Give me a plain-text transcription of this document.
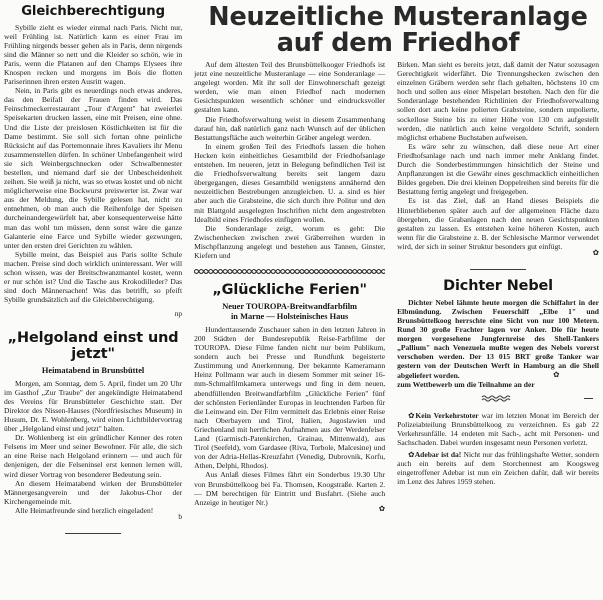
Gleichberechtigung

Sybille zieht es wieder einmal nach Paris. Nicht nur, weil Frühling ist. Natürlich kann es einer Frau im Frühling nirgends besser gehen als in Paris, denn nirgends sind die Männer so nett und die Kleider so schön, wie in Paris, wenn die Platanen auf den Champs Elysees ihre Knospen recken und morgens im Bois die flotten Pariserinnen ihren ersten Ausritt wagen.

Nein, in Paris gibt es neuerdings noch etwas anderes, das den Beifall der Frauen finden wird. Das Feinschmeckerrestaurant „Tour d'Argent" hat zweierlei Speisekarten drucken lassen, eine mit Preisen, eine ohne. Und die Liste der preislosen Köstlichkeiten ist für die Dame bestimmt. Sie soll sich fortan ohne peinliche Rücksicht auf das Portemonnaie ihres Kavaliers ihr Menu zusammenstellen dürfen. In schöner Unbefangenheit wird sie sich Weinbergschnecken oder Schwalbennester bestellen, und niemand darf sie der Unbescheidenheit zeihen. Sie weiß ja nicht, was so etwas kostet und ob nicht möglicherweise eine Bockwurst preiswerter ist. Zwar war aus der Meldung, die Sybille gelesen hat, nicht zu entnehmen, ob man auch die Reihenfolge der Speisen durcheinandergewürfelt hat, aber konsequenterweise hätte man das wohl tun müssen, denn sonst wäre die ganze Galanterie eine Farce und Sybille wieder gezwungen, unter den ersten drei Gerichten zu wählen.

Sybille meint, das Beispiel aus Paris sollte Schule machen. Preise sind doch wirklich uninteressant. Wer will schon wissen, was der Breitschwanzmantel kostet, wenn er nur schön ist? Und die Tasche aus Krokodilleder? Das sind doch Männersachen! Was das betrifft, so pfeift Sybille grundsätzlich auf die Gleichberechtigung.

np
„Helgoland einst und jetzt"
Heimatabend in Brunsbüttel

Morgen, am Sonntag, dem 5. April, findet um 20 Uhr im Gasthof „Zur Traube" der angekündigte Heimatabend des Vereins für Brunsbütteler Geschichte statt. Der Direktor des Nissen-Hauses (Nordfriesisches Museum) in Husum, Dr. E. Wohlenberg, wird einen Lichtbildervortrag über „Helgoland einst und jetzt" halten.

Dr. Wohlenberg ist ein gründlicher Kenner des roten Felsens im Meer und seiner Bewohner. Für alle, die sich an eine Reise nach Helgoland erinnern — und auch für denjenigen, der die Felseninsel erst kennen lernen will, wird dieser Vortrag von besonderer Bedeutung sein.

An diesem Heimatabend wirken der Brunsbütteler Männergesangverein und der Jakobus-Chor der Kirchengemeinde mit.

Alle Heimatfreunde sind herzlich eingeladen!

b

Auf dem ältesten Teil des Brunsbüttelkooger Friedhofs ist jetzt eine neuzeitliche Musteranlage — eine Sonderanlage — angelegt worden. Mit ihr soll der Einwohnerschaft gezeigt werden, wie man einen Friedhof nach modernen Gesichtspunkten wesentlich schöner und eindrucksvoller gestalten kann.

Die Friedhofsverwaltung weist in diesem Zusammenhang darauf hin, daß natürlich ganz nach Wunsch auf der üblichen Bestattungsfläche auch weiterhin Gräber angelegt werden.

In einem großen Teil des Friedhofs lassen die hohen Hecken kein einheitliches Gesamtbild der Friedhofsanlage entstehen. Im neueren, jetzt in Belegung befindlichen Teil ist die Friedhofsverwaltung bereits seit langem dazu übergegangen, dieses Gesamtbild wenigstens annähernd den neuzeitlichen Bestrebungen anzugleichen. U. a. sind es hier aber auch die Grabsteine, die sich durch ihre Politur und den mit Blattgold ausgelegten Inschriften nicht dem angestrebten Idealbild eines Friedhofes einfügen wollen.

Die Sonderanlage zeigt, worum es geht: Die Zwischenhecken zwischen zwei Gräberreihen wurden in Mischpflanzung angelegt und bestehen aus Tannen, Ginster, Kiefern und

„Glückliche Ferien"
Neuer TOUROPA-Breitwandfarbfilm
in Marne — Holsteinisches Haus

Hunderttausende Zuschauer sahen in den letzten Jahren in 200 Städten der Bundesrepublik Reise-Farbfilme der TOUROPA. Diese Filme fanden nicht nur beim Publikum, sondern auch bei Presse und Rundfunk begeisterte Zustimmung und Anerkennung. Der bekannte Kameramann Heinz Pollmann war auch in diesem Sommer mit seiner 16-mm-Schmalfilmkamera unterwegs und fing in dem neuen, abendfüllenden Breitwandfarbfilm „Glückliche Ferien" fünf der schönsten Ferienländer Europas in leuchtenden Farben für die Leinwand ein. Der Film vermittelt das Erlebnis einer Reise nach Oberbayern und Tirol, Italien, Jugoslawien und Griechenland mit herrlichen Aufnahmen aus der Werdenfelser Land (Garmisch-Patenkirchen, Grainau, Mittenwald), aus Tirol (Seefeld), vom Gardasee (Riva, Torbole, Malcesine) und von der Adria-Hellas-Kreuzfahrt (Venedig, Dubrovnik, Korfu, Athen, Delphi, Rhodos).

Aus Anlaß dieses Filmes fährt ein Sonderbus 19.30 Uhr von Brunsbüttelkoog bei Fa. Thomsen, Koogstraße. Karten 2.— DM berechtigen für Eintritt und Busfahrt. (Siehe auch Anzeige in heutiger Nr.)

✿

Birken. Man sieht es bereits jetzt, daß damit der Natur sozusagen Gerechtigkeit widerfährt. Die Trennungshecken zwischen den einzelnen Gräbern werden sehr flach gehalten, höchstens 10 cm hoch und sollen aus einer Mispelart bestehen. Nach den für die Sonderanlage bestehenden Richtlinien der Friedhofsverwaltung sollen dort auch keine polierten Grabsteine, sondern unpolierte, sockellose Steine bis zu einer Höhe von 130 cm aufgestellt werden, die natürlich auch keine vergoldete Schrift, sondern möglichst erhabene Buchstaben aufweisen.

Es wäre sehr zu wünschen, daß diese neue Art einer Friedhofsanlage nach und nach immer mehr Anklang findet. Durch die Sonderbestimmungen hinsichtlich der Steine und Anpflanzungen ist die Gewähr eines geschmacklich einheitlichen Bildes gegeben. Die drei kleinen Doppelreihen sind bereits für die Bestattung fertig angelegt und freigegeben.

Es ist das Ziel, daß an Hand dieses Beispiels die Hinterbliebenen später auch auf der allgemeinen Fläche dazu übergehen, die Grabanlagen nach den neuen Gesichtspunkten gestalten zu lassen. Es entstehen keine höheren Kosten, auch wenn für die Grabsteine z. B. der Schlesische Marmor verwendet wird, der sich in seiner Struktur besonders gut einfügt.

✿
Dichter Nebel

Dichter Nebel lähmte heute morgen die Schiffahrt in der Elbmündung. Zwischen Feuerschiff „Elbe 1" und Brunsbüttelkoog herrschte eine Sicht von nur 100 Metern. Rund 30 große Frachter lagen vor Anker. Die für heute morgen vorgesehene Jungfernreise des Shell-Tankers „Pallium" nach Venezuela mußte wegen des Nebels vorerst verschoben werden. Der 13 015 BRT große Tanker war gestern von der Deutschen Werft in Hamburg an die Shell abgeliefert worden.	✿
zum Wettbewerb um die Teilnahme an der

✿Kein Verkehrstoter war im letzten Monat im Bereich der Polizeiabteilung Brunsbüttelkoog zu verzeichnen. Es gab 22 Verkehrsunfälle. 14 endeten mit Sach-, acht mit Personen- und Sachschaden. Dabei wurden insgesamt neun Personen verletzt.

✿Adebar ist da! Nicht nur das frühlingshafte Wetter, sondern auch ein bereits auf dem Storchennest am Koogsweg eingetroffener Adebar ist nun ein Zeichen dafür, daß wir bereits im Lenz des Jahres 1959 stehen.

Neuzeitliche Musteranlage
auf dem Friedhof
